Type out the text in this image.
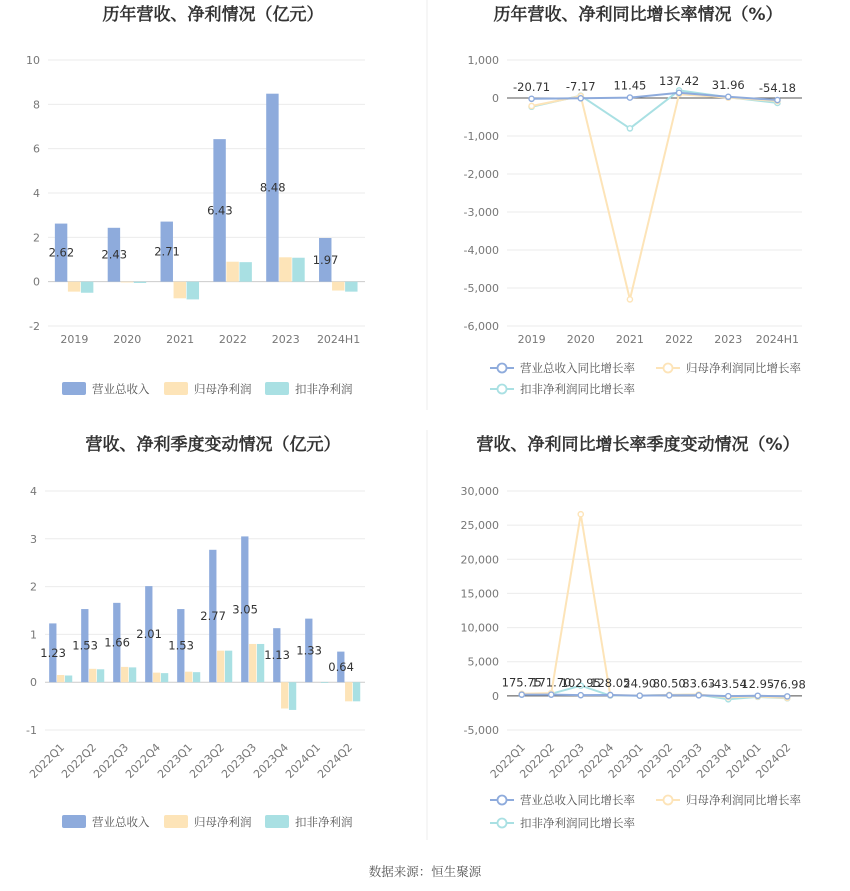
数据来源：恒生聚源
历年营收、净利情况（亿元）
-2
0
2
4
6
8
10
2019 2020 2021 2022 2023 2024H1
2.62 2.43 2.71
6.43
8.48
1.97
营业总收入	归母净利润	扣非净利润
历年营收、净利同比增长率情况（%）
-6,000
-5,000
-4,000
-3,000
-2,000
-1,000
0
1,000
2019 2020 2021 2022 2023 2024H1
-20.71 -7.17 11.45 137.42 31.96 -54.18
营业总收入同比增长率	归母净利润同比增长率
扣非净利润同比增长率
营收、净利季度变动情况（亿元）
-1
0
1
2
3
4
2022Q1
2022Q2
2022Q3
2022Q4
2023Q1
2023Q2
2023Q3
2023Q4
2024Q1
2024Q2
1.23
1.53 1.66
2.01
1.53
2.77 3.05
1.13 1.33
0.64
营业总收入	归母净利润	扣非净利润
营收、净利同比增长率季度变动情况（%）
-5,000
0
5,000
10,000
15,000
20,000
25,000
30,000
2022Q1
2022Q2
2022Q3
2022Q4
2023Q1
2023Q2
2023Q3
2023Q4
2024Q1
2024Q2
175.75
171.70
102.95
128.05
24.90
80.50
83.63
-43.54
12.95
-76.98
营业总收入同比增长率	归母净利润同比增长率
扣非净利润同比增长率
